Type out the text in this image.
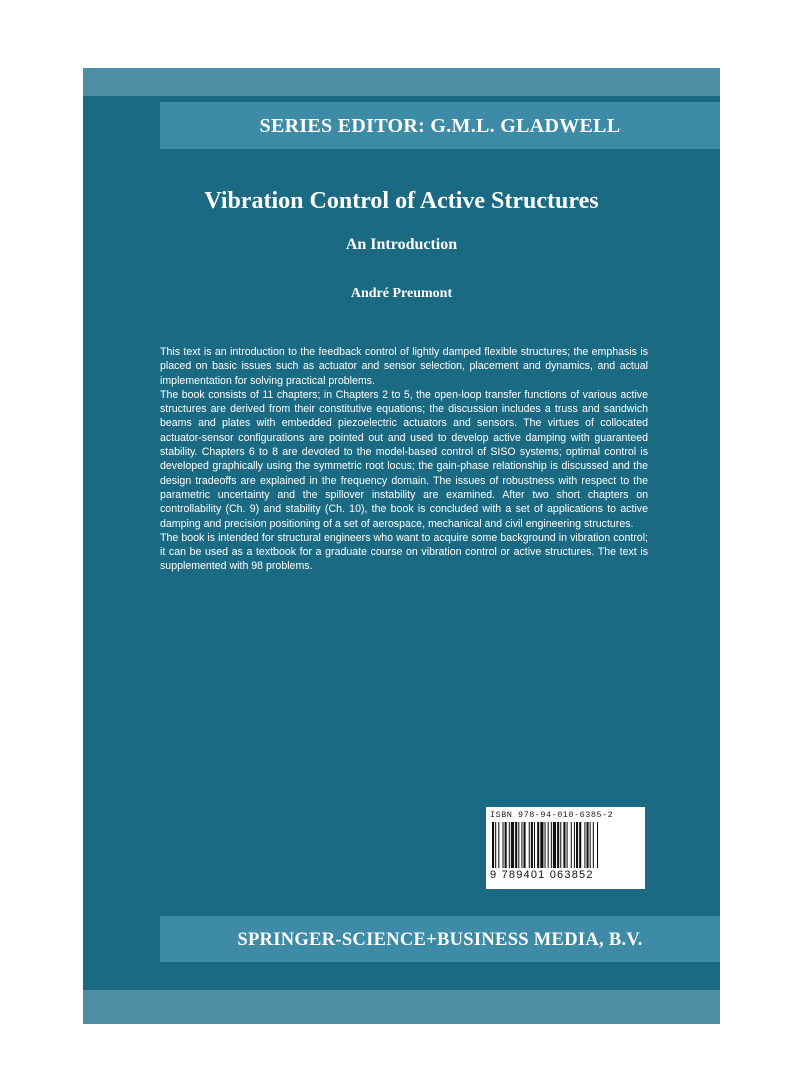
SERIES EDITOR: G.M.L. GLADWELL
Vibration Control of Active Structures
An Introduction
André Preumont

This text is an introduction to the feedback control of lightly damped flexible structures; the emphasis is placed on basic issues such as actuator and sensor selection, placement and dynamics, and actual implementation for solving practical problems.

The book consists of 11 chapters; in Chapters 2 to 5, the open-loop transfer functions of various active structures are derived from their constitutive equations; the discussion includes a truss and sandwich beams and plates with embedded piezoelectric actuators and sensors. The virtues of collocated actuator-sensor configurations are pointed out and used to develop active damping with guaranteed stability. Chapters 6 to 8 are devoted to the model-based control of SISO systems; optimal control is developed graphically using the symmetric root locus; the gain-phase relationship is discussed and the design tradeoffs are explained in the frequency domain. The issues of robustness with respect to the parametric uncertainty and the spillover instability are examined. After two short chapters on controllability (Ch. 9) and stability (Ch. 10), the book is concluded with a set of applications to active damping and precision positioning of a set of aerospace, mechanical and civil engineering structures.

The book is intended for structural engineers who want to acquire some background in vibration control; it can be used as a textbook for a graduate course on vibration control or active structures. The text is supplemented with 98 problems.

ISBN 978-94-010-6385-2
9 789401 063852
SPRINGER-SCIENCE+BUSINESS MEDIA, B.V.
